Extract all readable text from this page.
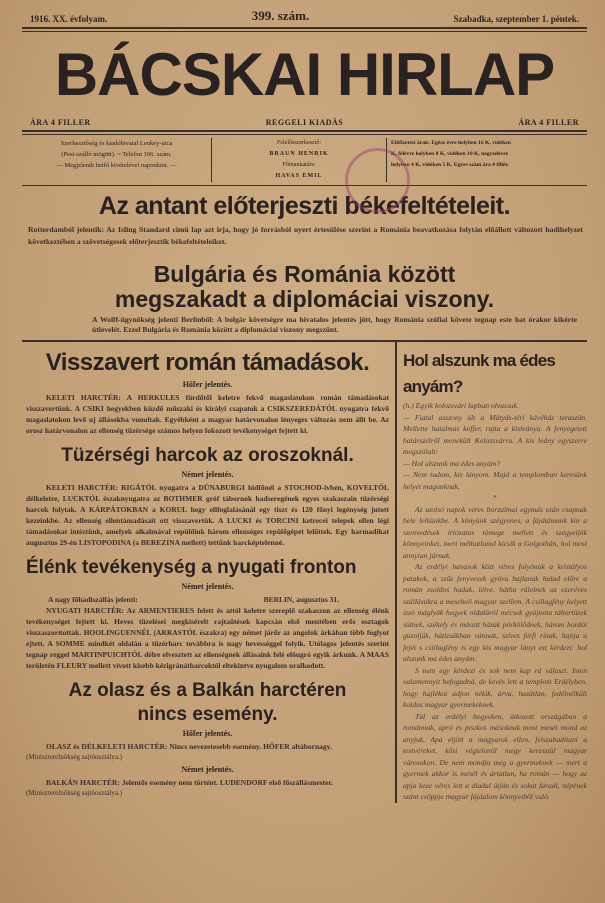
1916. XX. évfolyam.	399. szám.	Szabadka, szeptember 1. péntek.
BÁCSKAI HIRLAP
ÁRA 4 FILLER	REGGELI KIADÁS	ÁRA 4 FILLER
Szerkesztőség és kiadóhivatal Lenkey-utca
(Pest-szálló mögött). = Telefon 106. szám.
— Megjelenik hetfő kivételével naponkint. —
Felelősszerkesztő:
BRAUN HENRIK
Főmunkatárs:
HAVAS EMIL
Előfizetési árak: Egész évre helyben 16 K, vidéken
K, félévre helyben 8 K, vidéken 10 K, negyedévre
helyben 4 K, vidéken 5 K. Egyes szám ára 4 fillér.
Az antant előterjeszti békefeltételeit.
Rotterdamból jelentik: Az Isling Standard cimü lap azt irja, hogy jó forrásból nyert értesülése szerint a Románia beavatkozása folytán előállott változott hadihelyzet következtében a szövetségesek előterjesztik békefeltételeiket.
Bulgária és Románia között
megszakadt a diplomáciai viszony.
A Wolff-ügynökség jelenti Berlinből: A bolgár követségre ma hivatalos jelentés jött, hogy Románia szófiai követe tegnap este hat órakor kikérte útlevelét. Ezzel Bulgária és Románia között a diplomáciai viszony megszünt.
Visszavert román támadások.
Hőfer jelentés.
KELETI HARCTÉR: A HERKULES fürdőtől keletre fekvő magaslatokon román támadásokat visszavertünk. A CSIKI hegyekben küzdő műszaki és királyi csapatok a CSIKSZEREDÁTÓL nyugatra fekvő magaslatokon levő uj állásokba vonultak. Egyébként a magyar határvonalon lényeges változás nem állt be. Az orosz határvonalon az ellenség tüzérsége számos helyen fokozott tevékenységet fejtett ki.
Tüzérségi harcok az oroszoknál.
Német jelentés.
KELETI HARCTÉR: RIGÁTÓL nyugatra a DÜNABURGI hidfőnél a STOCHOD-ivben, KOVELTŐL délkeletre, LUCKTÓL északnyugatra az BOTHMER gróf tábornok hadseregének egyes szakaszain tüzérségi harcok folytak. A KÁRPÁTOKBAN a KORUL hegy ellfoglalásánál egy tiszt és 120 főnyi legénység jutott kezeinkbe. Az ellenség ellentámadásait ott visszavertük. A LUCKI és TORCINI ketrecei telepek ellen légi támadásokat intéztünk, amelyek alkalmával repülőink három ellenséges repülőgépet lelőttek. Egy harmadikat augusztus 29-én LISTOPODINA (a BEREZINA mellett) tettünk harcképtelenné.
Élénk tevékenység a nyugati fronton
Német jelentés.
A nagy főhadiszállás jelenti:	BERLIN, augusztus 31.
NYUGATI HARCTÉR: Az ARMENTIERES felett és attól keletre szereplő szakaszon az ellenség élénk tevékenységet fejtett ki. Heves tüzelései megkísérelt rajtaütések kapcsán első mentében erős osztagok visszaszorítottak. HOOLINGUENNÉL (ARRASTÓL északra) egy német járőr az angolok árkában több foglyot ejtett. A SOMME mindkét oldalán a tüzérharc továbbra is nagy hevességgel folyik. Utólagos jelentés szerint tegnap reggel MARTINPUICHTÓL délre elvesztett az ellenségnek állásaink felé elöugró egyik árkunk. A MAAS területén FLEURY mellett vívott kisebb kézigránátharcoktól eltekintve nyugalom uralkodott.
Az olasz és a Balkán harctéren
nincs esemény.
Hőfer jelentés.
OLASZ és DÉLKELETI HARCTÉR: Nincs nevezetesebb esemény. HŐFER altábornagy.
(Miniszterelnökség sajtóosztálya.)
Német jelentés.
BALKÁN HARCTÉR: Jelentős esemény nem történt. LUDENDORF első főszállásmester.
(Miniszterelnökség sajtóosztálya.)
Hol alszunk ma édes anyám?

(h.) Egyik kolozsvári lapban olvassuk.

— Fiatal asszony ült a Mátyás-téri kávéház teraszán. Mellette hatalmas koffer, rajta a kisleánya. A fenyegetett határszélről menekült Kolozsvárra. A kis leány egyszerre megszólalt:

— Hol alszunk ma édes anyám?

— Nem tudom, kis lányom. Majd a templomban keresünk helyet magunknak.

*

Az utolsó napok véres borzalmai egymás után csapnak bele lelkünkbe. A könyünk szégyenes, a fájdalmunk kín a szenvedések irtózatos tömege mellett és szégyeljük könnyeinket, mert mélhatlanul kicsik a Golgothán, hol most annyian járnak.

Az erdélyi havasok közt véres folyónak a kristályos patakok, a szűz fenyvesek gyúva hajlanak halad előre a román zsoldos hadak, lélve, hátha rálelnek az ezeréves szállásukra a mesebeli magyar szellem. A csillagfény helyett izzó máglyák hegyek oldaláról mécsek gyújtotta tábortüzek sütnek, székely és másutt házak pörkölődnek, három hordót gúzolják, hátizsákban vánnak, szíves férfi rinak, hajtja a fejét s csillagfény is egy kis magyar lányt ezt kérdezi: hol alszunk ma édes anyám.

S nem egy kérdezi és sok nem kap rá választ. Isten valamennyit befogadná, de kevés lett a templom Erdélyben, hogy hajlékot adjon nékik, árva, hazátlan, fedélnélküli koldus magyar gyermekeknek.

Túl az erdélyi hegyeken, átkozott országában a románnak, apró és piszkos másoknak most mesét mond az anyjuk. Apa eljött a magyarok ellen, felszabadítani a testvéreket, kősi végtelenül megy keresztül magyar városokon. De nem mondja meg a gyermeknek — mert a gyermek akkor is mesél és ártatlan, ha román — hogy az apja keze véres lett a diadal útján és sokat fáradt, népének szánt csöppje magyar fájdalom könnyeiből való.
